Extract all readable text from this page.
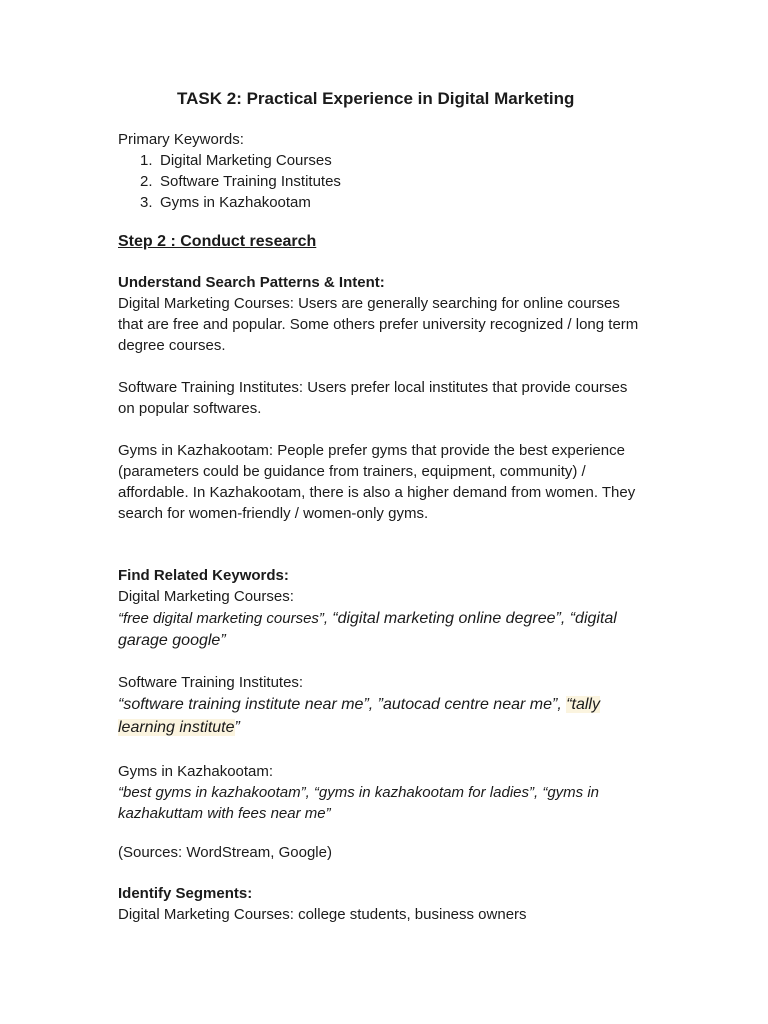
TASK 2: Practical Experience in Digital Marketing
Primary Keywords:
1. Digital Marketing Courses
2. Software Training Institutes
3. Gyms in Kazhakootam
Step 2 : Conduct research
Understand Search Patterns & Intent:
Digital Marketing Courses: Users are generally searching for online courses
that are free and popular. Some others prefer university recognized / long term
degree courses.
Software Training Institutes: Users prefer local institutes that provide courses
on popular softwares.
Gyms in Kazhakootam: People prefer gyms that provide the best experience
(parameters could be guidance from trainers, equipment, community) /
affordable. In Kazhakootam, there is also a higher demand from women. They
search for women-friendly / women-only gyms.
Find Related Keywords:
Digital Marketing Courses:
“free digital marketing courses”, “digital marketing online degree”, “digital
garage google”
Software Training Institutes:
“software training institute near me”, ”autocad centre near me”, “tally
learning institute”
Gyms in Kazhakootam:
“best gyms in kazhakootam”, “gyms in kazhakootam for ladies”, “gyms in
kazhakuttam with fees near me”
(Sources: WordStream, Google)
Identify Segments:
Digital Marketing Courses: college students, business owners
